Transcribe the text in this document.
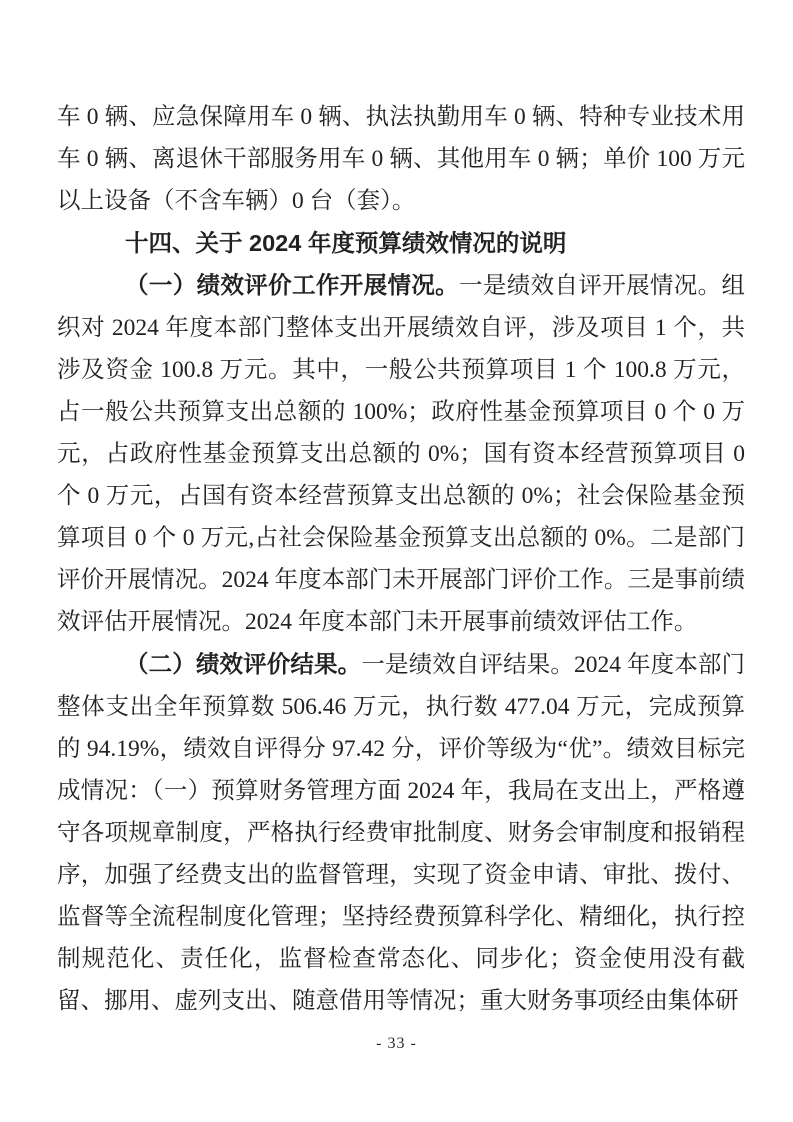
车 0 辆、应急保障用车 0 辆、执法执勤用车 0 辆、特种专业技术用车 0 辆、离退休干部服务用车 0 辆、其他用车 0 辆；单价 100 万元以上设备（不含车辆）0 台（套）。

十四、关于 2024 年度预算绩效情况的说明

（一）绩效评价工作开展情况。一是绩效自评开展情况。组织对 2024 年度本部门整体支出开展绩效自评，涉及项目 1 个，共涉及资金 100.8 万元。其中，一般公共预算项目 1 个 100.8 万元，占一般公共预算支出总额的 100%；政府性基金预算项目 0 个 0 万元，占政府性基金预算支出总额的 0%；国有资本经营预算项目 0 个 0 万元，占国有资本经营预算支出总额的 0%；社会保险基金预算项目 0 个 0 万元,占社会保险基金预算支出总额的 0%。二是部门评价开展情况。2024 年度本部门未开展部门评价工作。三是事前绩效评估开展情况。2024 年度本部门未开展事前绩效评估工作。

（二）绩效评价结果。一是绩效自评结果。2024 年度本部门整体支出全年预算数 506.46 万元，执行数 477.04 万元，完成预算的 94.19%，绩效自评得分 97.42 分，评价等级为“优”。绩效目标完成情况：（一）预算财务管理方面 2024 年，我局在支出上，严格遵守各项规章制度，严格执行经费审批制度、财务会审制度和报销程序，加强了经费支出的监督管理，实现了资金申请、审批、拨付、监督等全流程制度化管理；坚持经费预算科学化、精细化，执行控制规范化、责任化，监督检查常态化、同步化；资金使用没有截留、挪用、虚列支出、随意借用等情况；重大财务事项经由集体研

- 33 -
